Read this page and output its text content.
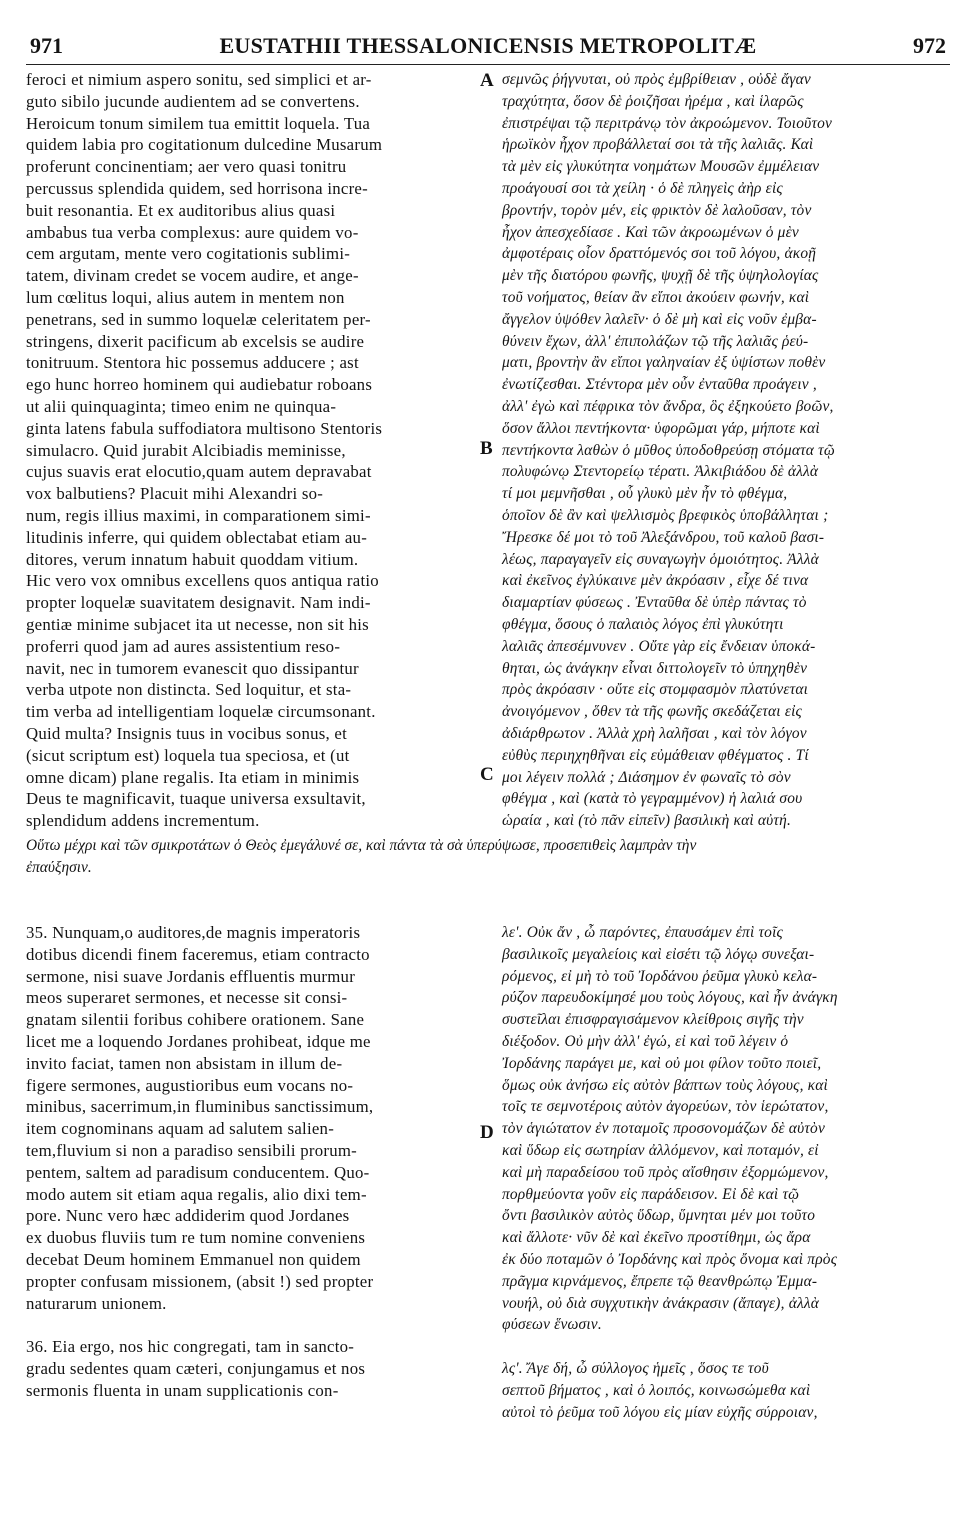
971	EUSTATHII THESSALONICENSIS METROPOLITÆ	972
feroci et nimium aspero sonitu, sed simplici et ar-
guto sibilo jucunde audientem ad se convertens.
Heroicum tonum similem tua emittit loquela. Tua
quidem labia pro cogitationum dulcedine Musarum
proferunt concinentiam; aer vero quasi tonitru
percussus splendida quidem, sed horrisona incre-
buit resonantia. Et ex auditoribus alius quasi
ambabus tua verba complexus: aure quidem vo-
cem argutam, mente vero cogitationis sublimi-
tatem, divinam credet se vocem audire, et ange-
lum cœlitus loqui, alius autem in mentem non
penetrans, sed in summo loquelæ celeritatem per-
stringens, dixerit pacificum ab excelsis se audire
tonitruum. Stentora hic possemus adducere ; ast
ego hunc horreo hominem qui audiebatur roboans
ut alii quinquaginta; timeo enim ne quinqua-
ginta latens fabula suffodiatora multisono Stentoris
simulacro. Quid jurabit Alcibiadis meminisse,
cujus suavis erat elocutio,quam autem depravabat
vox balbutiens? Placuit mihi Alexandri so-
num, regis illius maximi, in comparationem simi-
litudinis inferre, qui quidem oblectabat etiam au-
ditores, verum innatum habuit quoddam vitium.
Hic vero vox omnibus excellens quos antiqua ratio
propter loquelæ suavitatem designavit. Nam indi-
gentiæ minime subjacet ita ut necesse, non sit his
proferri quod jam ad aures assistentium reso-
navit, nec in tumorem evanescit quo dissipantur
verba utpote non distincta. Sed loquitur, et sta-
tim verba ad intelligentiam loquelæ circumsonant.
Quid multa? Insignis tuus in vocibus sonus, et
(sicut scriptum est) loquela tua speciosa, et (ut
omne dicam) plane regalis. Ita etiam in minimis
Deus te magnificavit, tuaque universa exsultavit,
splendidum addens incrementum.
σεμνῶς ῥήγνυται, οὐ πρὸς ἐμβρίθειαν , οὐδὲ ἄγαν
τραχύτητα, ὅσον δὲ ῥοιζῆσαι ἠρέμα , καὶ ἱλαρῶς
ἐπιστρέψαι τῷ περιτράνῳ τὸν ἀκροώμενον. Τοιοῦτον
ἡρωϊκὸν ἦχον προβάλλεταί σοι τὰ τῆς λαλιᾶς. Καὶ
τὰ μὲν εἰς γλυκύτητα νοημάτων Μουσῶν ἐμμέλειαν
προάγουσί σοι τὰ χείλη · ὁ δὲ πληγεὶς ἀὴρ εἰς
βροντήν, τορὸν μέν, εἰς φρικτὸν δὲ λαλοῦσαν, τὸν
ἦχον ἀπεσχεδίασε . Καὶ τῶν ἀκροωμένων ὁ μὲν
ἀμφοτέραις οἷον δραττόμενός σοι τοῦ λόγου, ἀκοῇ
μὲν τῆς διατόρου φωνῆς, ψυχῇ δὲ τῆς ὑψηλολογίας
τοῦ νοήματος, θείαν ἂν εἴποι ἀκούειν φωνήν, καὶ
ἄγγελον ὑψόθεν λαλεῖν· ὁ δὲ μὴ καὶ εἰς νοῦν ἐμβα-
θύνειν ἔχων, ἀλλ' ἐπιπολάζων τῷ τῆς λαλιᾶς ῥεύ-
ματι, βροντὴν ἂν εἴποι γαληναίαν ἐξ ὑψίστων ποθὲν
ἐνωτίζεσθαι. Στέντορα μὲν οὖν ἐνταῦθα προάγειν ,
ἀλλ' ἐγὼ καὶ πέφρικα τὸν ἄνδρα, ὃς ἐξηκούετο βοῶν,
ὅσον ἄλλοι πεντήκοντα· ὑφορῶμαι γάρ, μήποτε καὶ
πεντήκοντα λαθὼν ὁ μῦθος ὑποδοθρεύσῃ στόματα τῷ
πολυφώνῳ Στεντορείῳ τέρατι. Ἀλκιβιάδου δὲ ἀλλὰ
τί μοι μεμνῆσθαι , οὗ γλυκὺ μὲν ἦν τὸ φθέγμα,
ὁποῖον δὲ ἂν καὶ ψελλισμὸς βρεφικὸς ὑποβάλληται ;
Ἤρεσκε δέ μοι τὸ τοῦ Ἀλεξάνδρου, τοῦ καλοῦ βασι-
λέως, παραγαγεῖν εἰς συναγωγὴν ὁμοιότητος. Ἀλλὰ
καὶ ἐκεῖνος ἐγλύκαινε μὲν ἀκρόασιν , εἶχε δέ τινα
διαμαρτίαν φύσεως . Ἐνταῦθα δὲ ὑπὲρ πάντας τὸ
φθέγμα, ὅσους ὁ παλαιὸς λόγος ἐπὶ γλυκύτητι
λαλιᾶς ἀπεσέμνυνεν . Οὔτε γὰρ εἰς ἔνδειαν ὑποκά-
θηται, ὡς ἀνάγκην εἶναι διττολογεῖν τὸ ὑπηχηθὲν
πρὸς ἀκρόασιν · οὔτε εἰς στομφασμὸν πλατύνεται
ἀνοιγόμενον , ὅθεν τὰ τῆς φωνῆς σκεδάζεται εἰς
ἀδιάρθρωτον . Ἀλλὰ χρὴ λαλῆσαι , καὶ τὸν λόγον
εὐθὺς περιηχηθῆναι εἰς εὐμάθειαν φθέγματος . Τί
μοι λέγειν πολλά ; Διάσημον ἐν φωναῖς τὸ σὸν
φθέγμα , καὶ (κατὰ τὸ γεγραμμένον) ἡ λαλιά σου
ὡραία , καὶ (τὸ πᾶν εἰπεῖν) βασιλικὴ καὶ αὐτή.
A
B
C
D
Οὕτω μέχρι καὶ τῶν σμικροτάτων ὁ Θεὸς ἐμεγάλυνέ σε, καὶ πάντα τὰ σὰ ὑπερύψωσε, προσεπιθεὶς λαμπρὰν τὴν
ἐπαύξησιν.
35. Nunquam,o auditores,de magnis imperatoris
dotibus dicendi finem faceremus, etiam contracto
sermone, nisi suave Jordanis effluentis murmur
meos superaret sermones, et necesse sit consi-
gnatam silentii foribus cohibere orationem. Sane
licet me a loquendo Jordanes prohibeat, idque me
invito faciat, tamen non absistam in illum de-
figere sermones, augustioribus eum vocans no-
minibus, sacerrimum,in fluminibus sanctissimum,
item cognominans aquam ad salutem salien-
tem,fluvium si non a paradiso sensibili prorum-
pentem, saltem ad paradisum conducentem. Quo-
modo autem sit etiam aqua regalis, alio dixi tem-
pore. Nunc vero hæc addiderim quod Jordanes
ex duobus fluviis tum re tum nomine conveniens
decebat Deum hominem Emmanuel non quidem
propter confusam missionem, (absit !) sed propter
naturarum unionem.
36. Eia ergo, nos hic congregati, tam in sancto-
gradu sedentes quam cæteri, conjungamus et nos
sermonis fluenta in unam supplicationis con-
λε'. Οὐκ ἄν , ὦ παρόντες, ἐπαυσάμεν ἐπὶ τοῖς
βασιλικοῖς μεγαλείοις καὶ εἰσέτι τῷ λόγῳ συνεξαι-
ρόμενος, εἰ μὴ τὸ τοῦ Ἰορδάνου ῥεῦμα γλυκὺ κελα-
ρύζον παρευδοκίμησέ μου τοὺς λόγους, καὶ ἦν ἀνάγκη
συστεῖλαι ἐπισφραγισάμενον κλείθροις σιγῆς τὴν
διέξοδον. Οὐ μὴν ἀλλ' ἐγώ, εἰ καὶ τοῦ λέγειν ὁ
Ἰορδάνης παράγει με, καὶ οὐ μοι φίλον τοῦτο ποιεῖ,
ὅμως οὐκ ἀνήσω εἰς αὐτὸν βάπτων τοὺς λόγους, καὶ
τοῖς τε σεμνοτέροις αὐτὸν ἀγορεύων, τὸν ἱερώτατον,
τὸν ἁγιώτατον ἐν ποταμοῖς προσονομάζων δὲ αὐτὸν
καὶ ὕδωρ εἰς σωτηρίαν ἀλλόμενον, καὶ ποταμόν, εἰ
καὶ μὴ παραδείσου τοῦ πρὸς αἴσθησιν ἐξορμώμενον,
πορθμεύοντα γοῦν εἰς παράδεισον. Εἰ δὲ καὶ τῷ
ὄντι βασιλικὸν αὐτὸς ὕδωρ, ὕμνηται μέν μοι τοῦτο
καὶ ἄλλοτε· νῦν δὲ καὶ ἐκεῖνο προστίθημι, ὡς ἄρα
ἐκ δύο ποταμῶν ὁ Ἰορδάνης καὶ πρὸς ὄνομα καὶ πρὸς
πρᾶγμα κιρνάμενος, ἔπρεπε τῷ θεανθρώπῳ Ἐμμα-
νουήλ, οὐ διὰ συγχυτικὴν ἀνάκρασιν (ἄπαγε), ἀλλὰ
φύσεων ἕνωσιν.
λς'. Ἄγε δή, ὦ σύλλογος ἡμεῖς , ὅσος τε τοῦ
σεπτοῦ βήματος , καὶ ὁ λοιπός, κοινωσώμεθα καὶ
αὐτοὶ τὸ ῥεῦμα τοῦ λόγου εἰς μίαν εὐχῆς σύρροιαν,
